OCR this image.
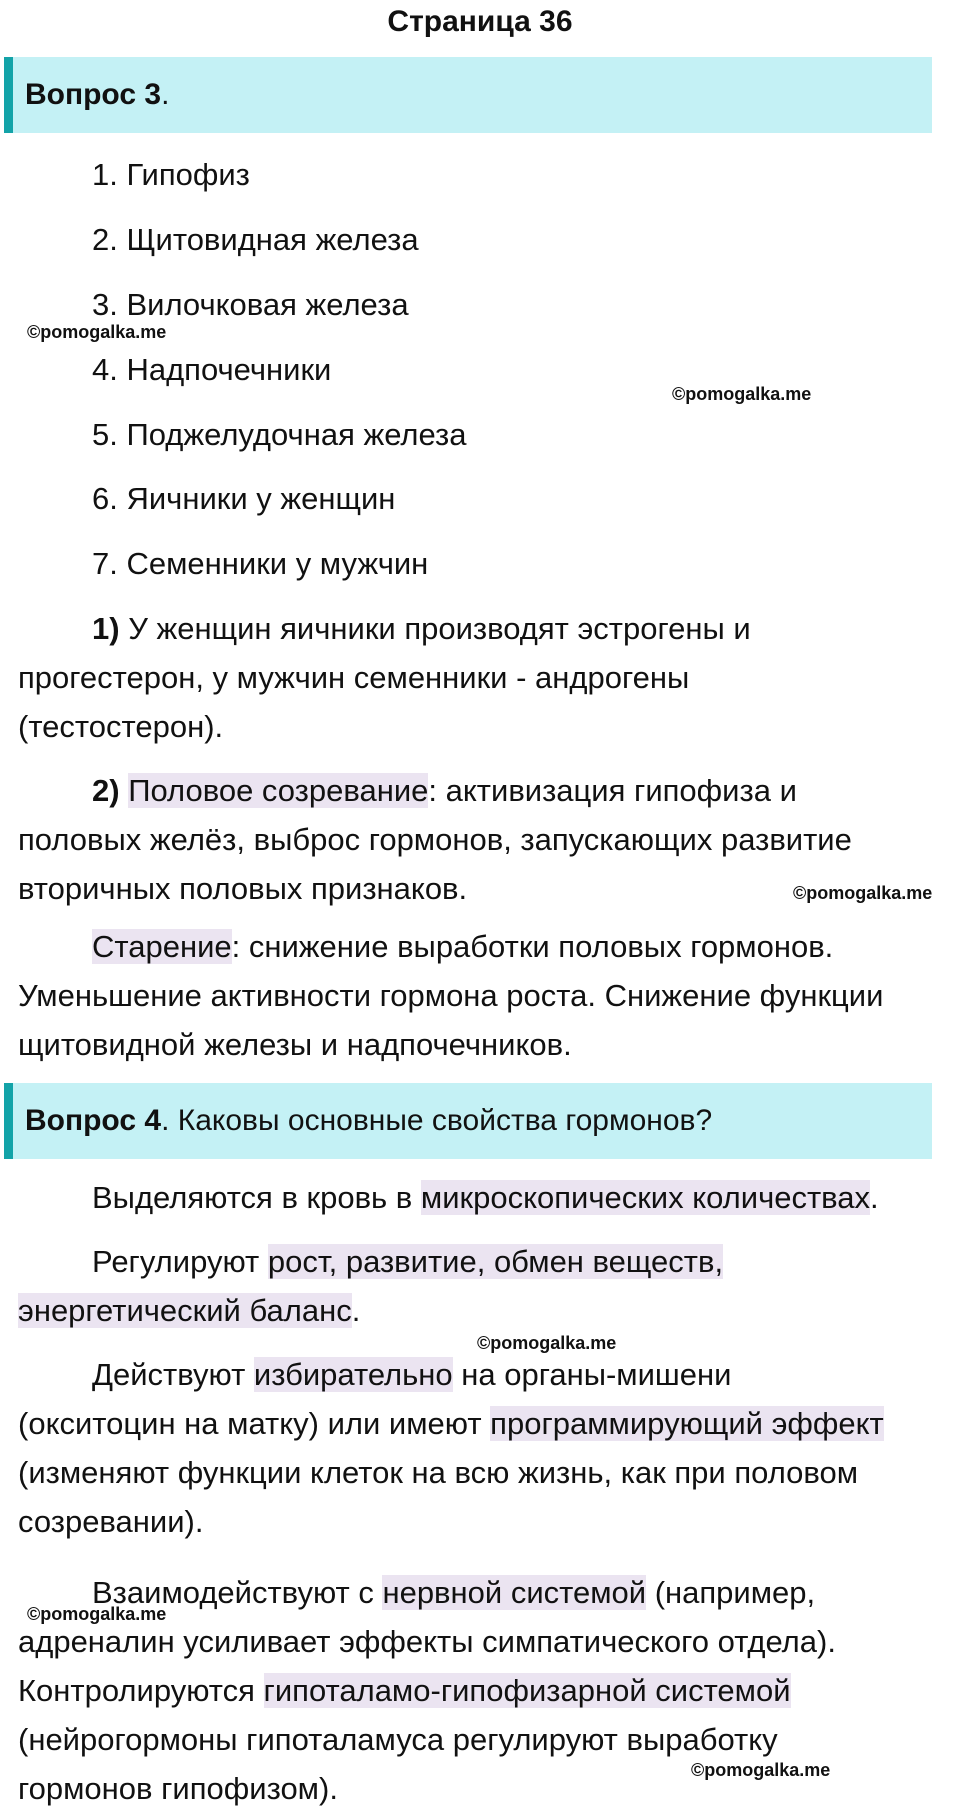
Страница 36
Вопрос 3.
1. Гипофиз
2. Щитовидная железа
3. Вилочковая железа
4. Надпочечники
5. Поджелудочная железа
6. Яичники у женщин
7. Семенники у мужчин
1) У женщин яичники производят эстрогены и
прогестерон, у мужчин семенники - андрогены
(тестостерон).
2) Половое созревание: активизация гипофиза и
половых желёз, выброс гормонов, запускающих развитие
вторичных половых признаков.
Старение: снижение выработки половых гормонов.
Уменьшение активности гормона роста. Снижение функции
щитовидной железы и надпочечников.
Вопрос 4. Каковы основные свойства гормонов?
Выделяются в кровь в микроскопических количествах.
Регулируют рост, развитие, обмен веществ,
энергетический баланс.
Действуют избирательно на органы-мишени
(окситоцин на матку) или имеют программирующий эффект
(изменяют функции клеток на всю жизнь, как при половом
созревании).
Взаимодействуют с нервной системой (например,
адреналин усиливает эффекты симпатического отдела).
Контролируются гипоталамо-гипофизарной системой
(нейрогормоны гипоталамуса регулируют выработку
гормонов гипофизом).
©pomogalka.me
©pomogalka.me
©pomogalka.me
©pomogalka.me
©pomogalka.me
©pomogalka.me
